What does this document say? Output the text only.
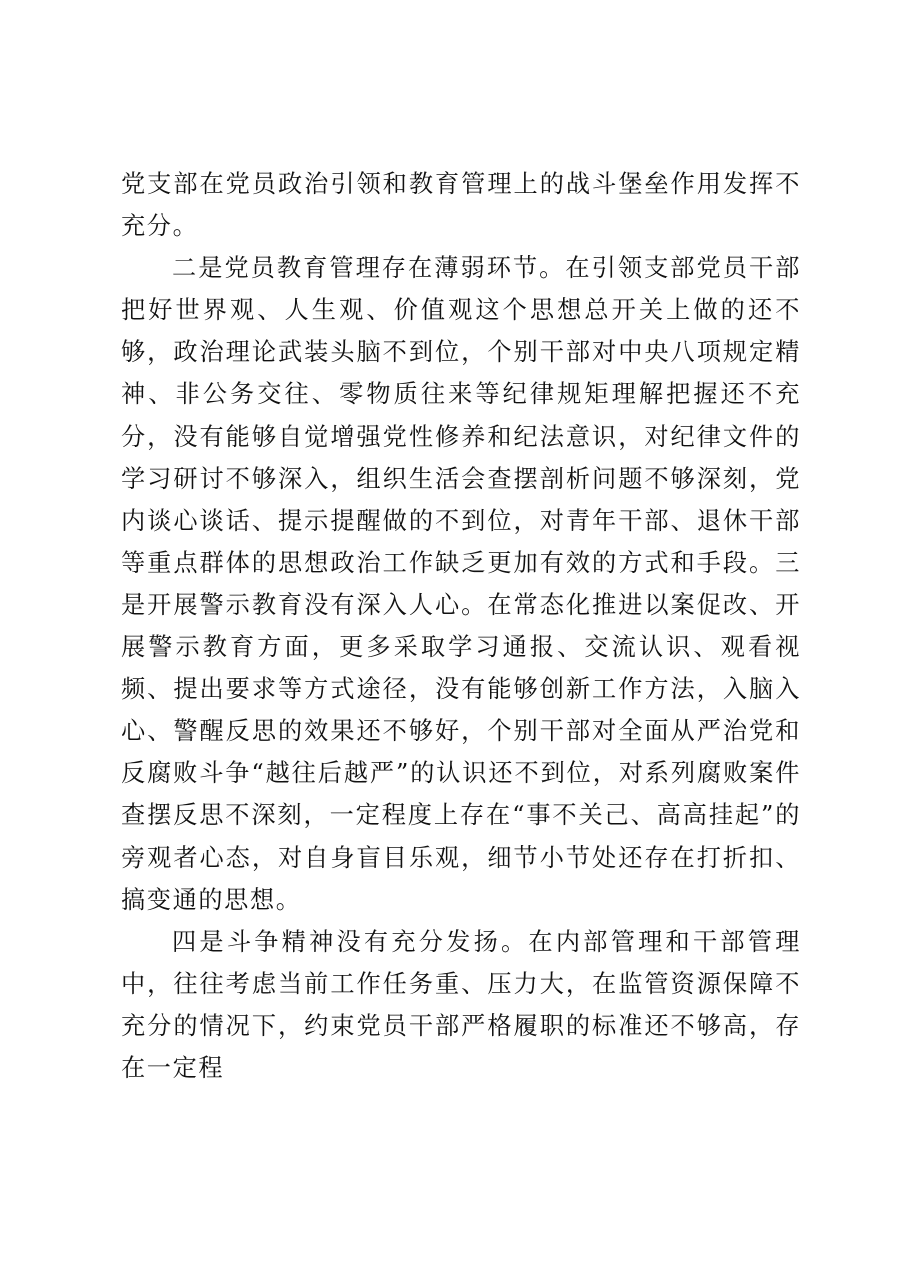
党支部在党员政治引领和教育管理上的战斗堡垒作用发挥不充分。

二是党员教育管理存在薄弱环节。在引领支部党员干部把好世界观、人生观、价值观这个思想总开关上做的还不够，政治理论武装头脑不到位，个别干部对中央八项规定精神、非公务交往、零物质往来等纪律规矩理解把握还不充分，没有能够自觉增强党性修养和纪法意识，对纪律文件的学习研讨不够深入，组织生活会查摆剖析问题不够深刻，党内谈心谈话、提示提醒做的不到位，对青年干部、退休干部等重点群体的思想政治工作缺乏更加有效的方式和手段。三是开展警示教育没有深入人心。在常态化推进以案促改、开展警示教育方面，更多采取学习通报、交流认识、观看视频、提出要求等方式途径，没有能够创新工作方法，入脑入心、警醒反思的效果还不够好，个别干部对全面从严治党和反腐败斗争“越往后越严”的认识还不到位，对系列腐败案件查摆反思不深刻，一定程度上存在“事不关己、高高挂起”的旁观者心态，对自身盲目乐观，细节小节处还存在打折扣、搞变通的思想。

四是斗争精神没有充分发扬。在内部管理和干部管理中，往往考虑当前工作任务重、压力大，在监管资源保障不充分的情况下，约束党员干部严格履职的标准还不够高，存在一定程
